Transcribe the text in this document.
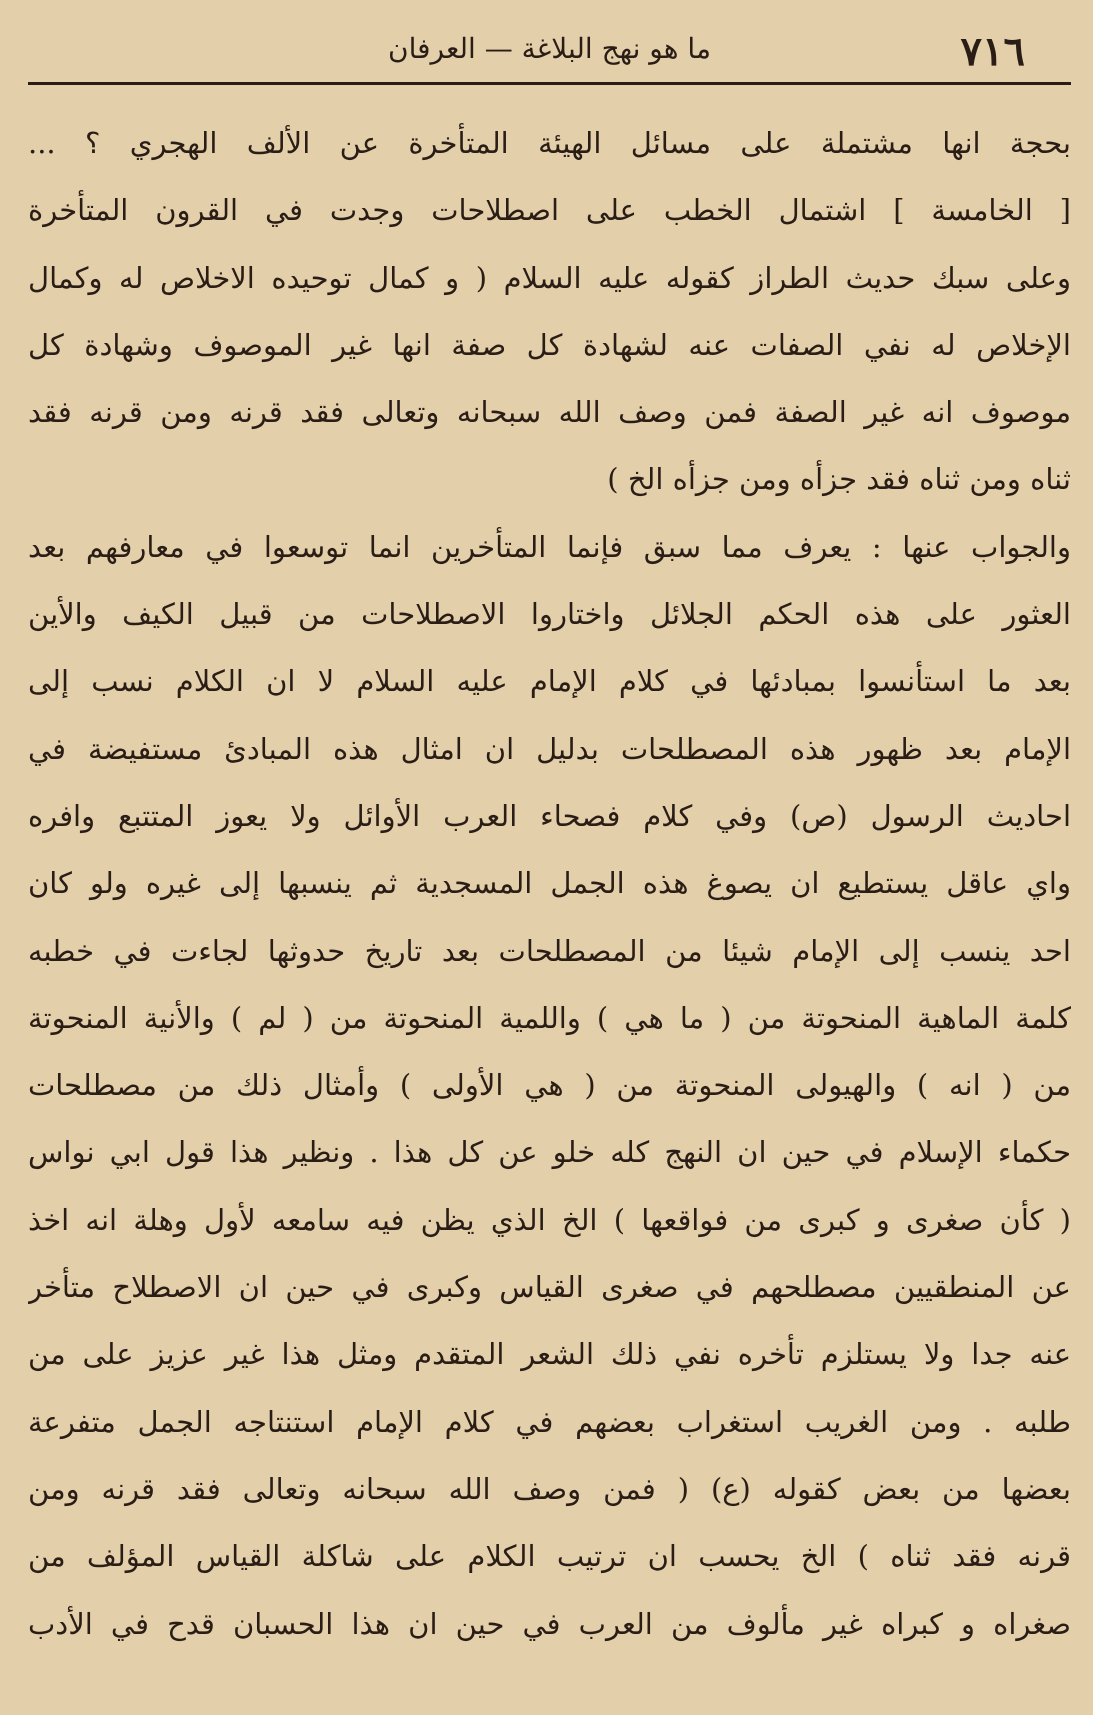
٧١٦
ما هو نهج البلاغة — العرفان
بحجة انها مشتملة على مسائل الهيئة المتأخرة عن الألف الهجري ؟ ...
[ الخامسة ] اشتمال الخطب على اصطلاحات وجدت في القرون المتأخرة
وعلى سبك حديث الطراز كقوله عليه السلام ( و كمال توحيده الاخلاص له وكمال
الإخلاص له نفي الصفات عنه لشهادة كل صفة انها غير الموصوف وشهادة كل
موصوف انه غير الصفة فمن وصف الله سبحانه وتعالى فقد قرنه ومن قرنه فقد
ثناه ومن ثناه فقد جزأه ومن جزأه الخ )
والجواب عنها : يعرف مما سبق فإنما المتأخرين انما توسعوا في معارفهم بعد
العثور على هذه الحكم الجلائل واختاروا الاصطلاحات من قبيل الكيف والأين
بعد ما استأنسوا بمبادئها في كلام الإمام عليه السلام لا ان الكلام نسب إلى
الإمام بعد ظهور هذه المصطلحات بدليل ان امثال هذه المبادئ مستفيضة في
احاديث الرسول (ص) وفي كلام فصحاء العرب الأوائل ولا يعوز المتتبع وافره
واي عاقل يستطيع ان يصوغ هذه الجمل المسجدية ثم ينسبها إلى غيره ولو كان
احد ينسب إلى الإمام شيئا من المصطلحات بعد تاريخ حدوثها لجاءت في خطبه
كلمة الماهية المنحوتة من ( ما هي ) واللمية المنحوتة من ( لم ) والأنية المنحوتة
من ( انه ) والهيولى المنحوتة من ( هي الأولى ) وأمثال ذلك من مصطلحات
حكماء الإسلام في حين ان النهج كله خلو عن كل هذا . ونظير هذا قول ابي نواس
( كأن صغرى و كبرى من فواقعها ) الخ الذي يظن فيه سامعه لأول وهلة انه اخذ
عن المنطقيين مصطلحهم في صغرى القياس وكبرى في حين ان الاصطلاح متأخر
عنه جدا ولا يستلزم تأخره نفي ذلك الشعر المتقدم ومثل هذا غير عزيز على من
طلبه . ومن الغريب استغراب بعضهم في كلام الإمام استنتاجه الجمل متفرعة
بعضها من بعض كقوله (ع) ( فمن وصف الله سبحانه وتعالى فقد قرنه ومن
قرنه فقد ثناه ) الخ يحسب ان ترتيب الكلام على شاكلة القياس المؤلف من
صغراه و كبراه غير مألوف من العرب في حين ان هذا الحسبان قدح في الأدب
